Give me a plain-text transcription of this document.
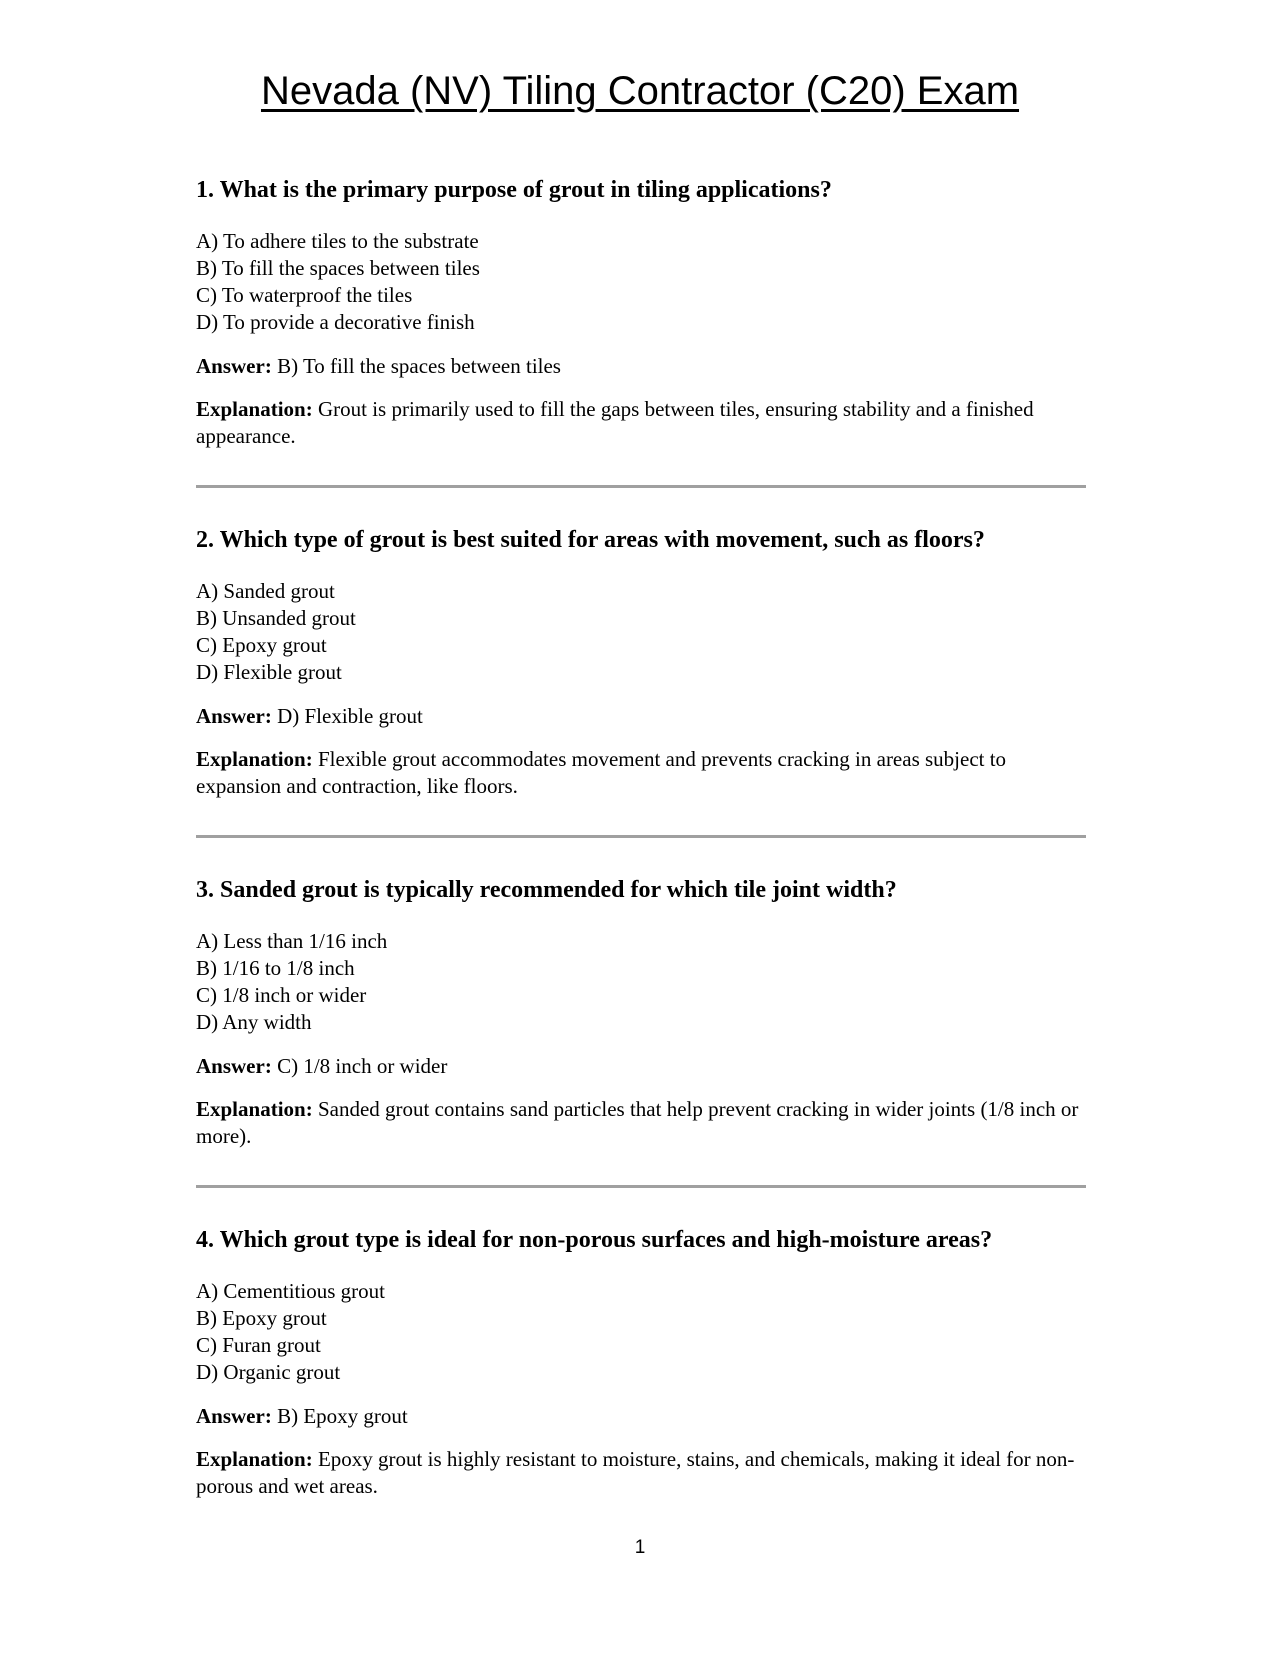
Nevada (NV) Tiling Contractor (C20) Exam

1. What is the primary purpose of grout in tiling applications?

A) To adhere tiles to the substrate
B) To fill the spaces between tiles
C) To waterproof the tiles
D) To provide a decorative finish

Answer: B) To fill the spaces between tiles

Explanation: Grout is primarily used to fill the gaps between tiles, ensuring stability and a finished appearance.

2. Which type of grout is best suited for areas with movement, such as floors?

A) Sanded grout
B) Unsanded grout
C) Epoxy grout
D) Flexible grout

Answer: D) Flexible grout

Explanation: Flexible grout accommodates movement and prevents cracking in areas subject to expansion and contraction, like floors.

3. Sanded grout is typically recommended for which tile joint width?

A) Less than 1/16 inch
B) 1/16 to 1/8 inch
C) 1/8 inch or wider
D) Any width

Answer: C) 1/8 inch or wider

Explanation: Sanded grout contains sand particles that help prevent cracking in wider joints (1/8 inch or more).

4. Which grout type is ideal for non-porous surfaces and high-moisture areas?

A) Cementitious grout
B) Epoxy grout
C) Furan grout
D) Organic grout

Answer: B) Epoxy grout

Explanation: Epoxy grout is highly resistant to moisture, stains, and chemicals, making it ideal for non-porous and wet areas.

1
